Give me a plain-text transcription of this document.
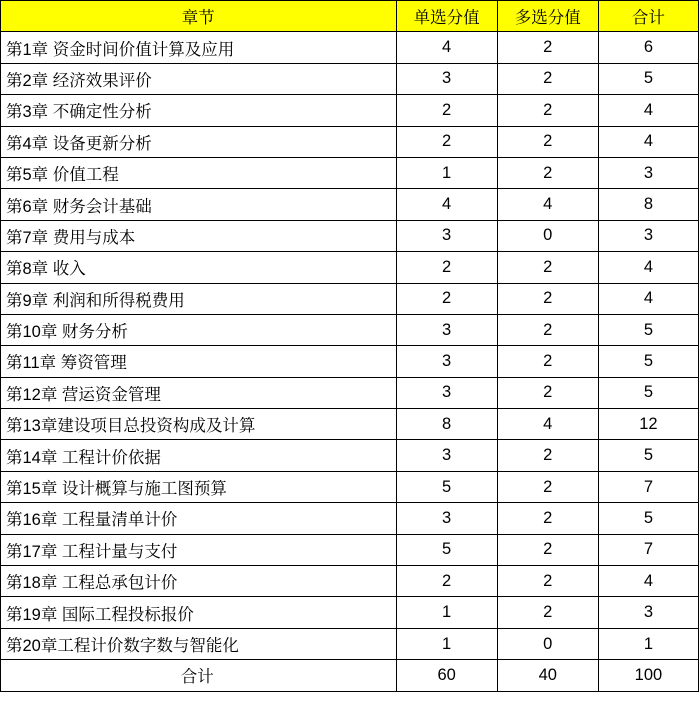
章节	单选分值	多选分值	合计
第1章 资金时间价值计算及应用	4	2	6
第2章 经济效果评价	3	2	5
第3章 不确定性分析	2	2	4
第4章 设备更新分析	2	2	4
第5章 价值工程	1	2	3
第6章 财务会计基础	4	4	8
第7章 费用与成本	3	0	3
第8章 收入	2	2	4
第9章 利润和所得税费用	2	2	4
第10章 财务分析	3	2	5
第11章 筹资管理	3	2	5
第12章 营运资金管理	3	2	5
第13章建设项目总投资构成及计算	8	4	12
第14章 工程计价依据	3	2	5
第15章 设计概算与施工图预算	5	2	7
第16章 工程量清单计价	3	2	5
第17章 工程计量与支付	5	2	7
第18章 工程总承包计价	2	2	4
第19章 国际工程投标报价	1	2	3
第20章工程计价数字数与智能化	1	0	1
合计	60	40	100
